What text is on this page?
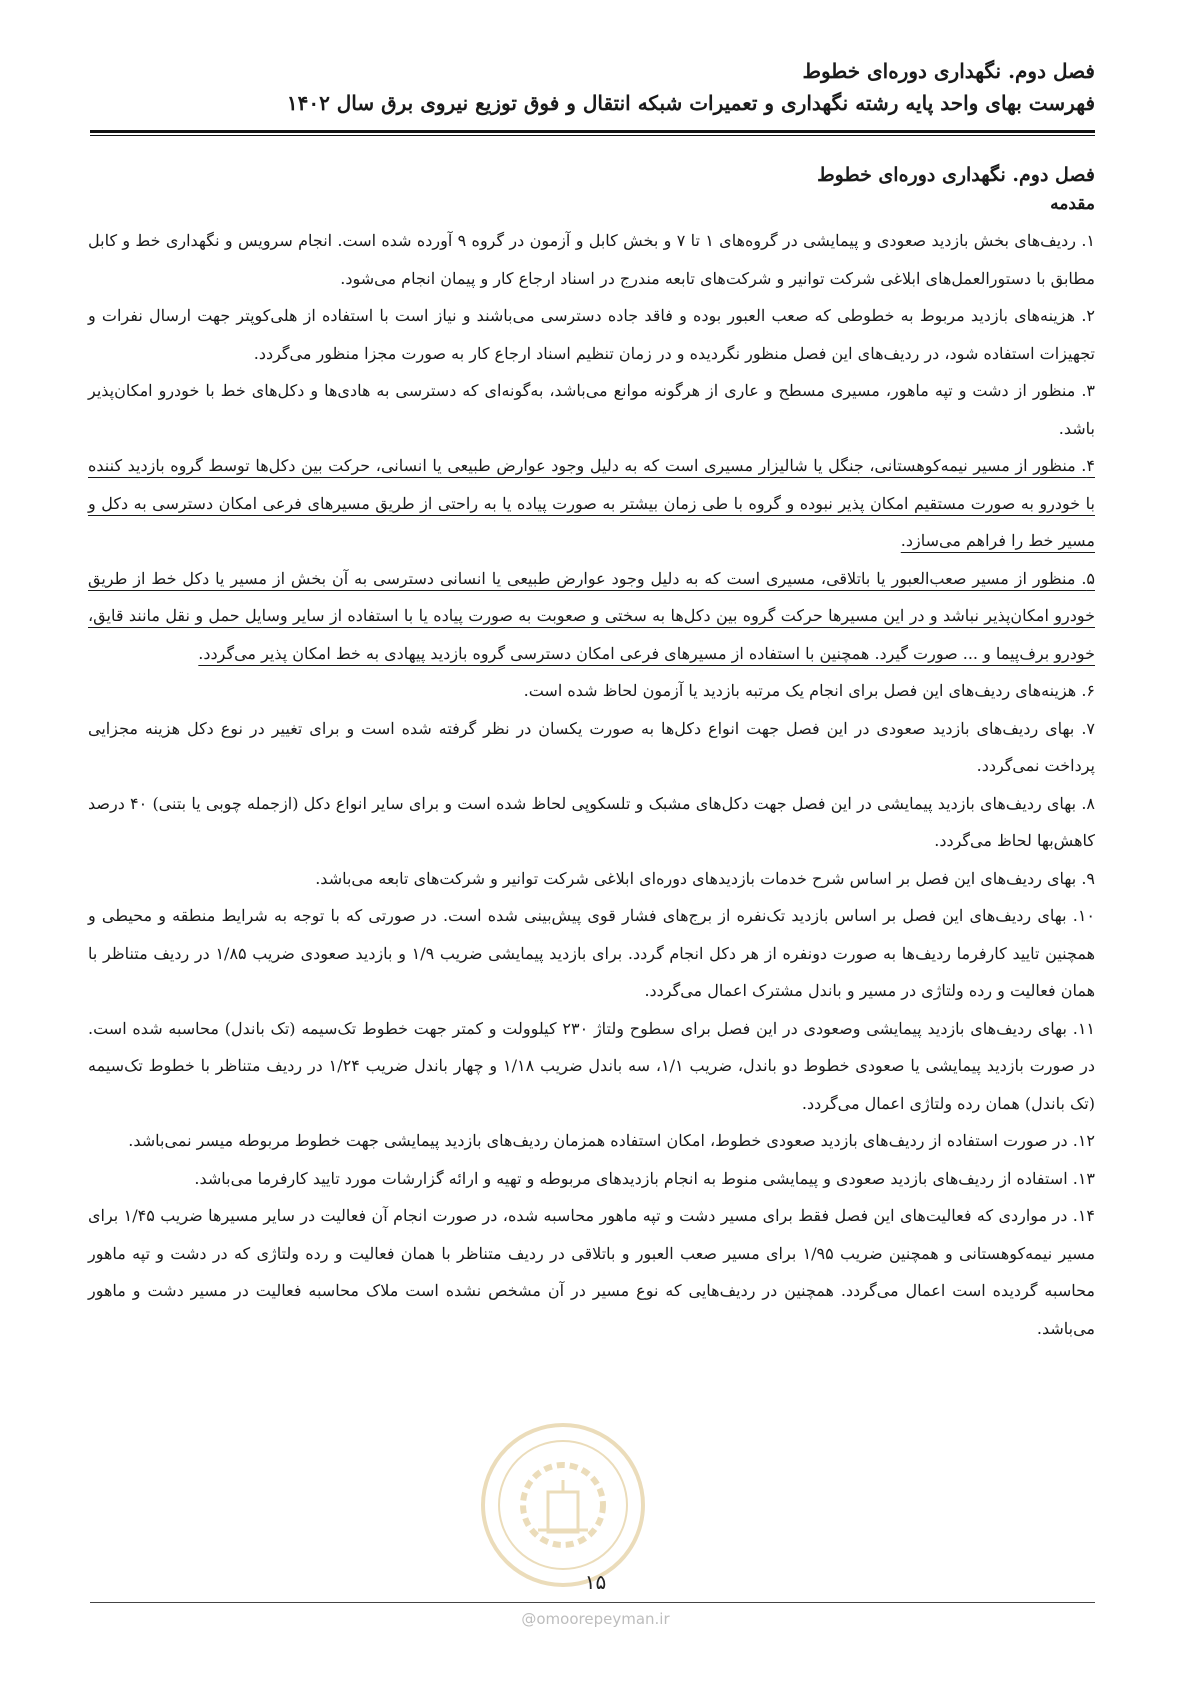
فصل دوم. نگهداری دوره‌ای خطوط
فهرست بهای واحد پایه رشته نگهداری و تعمیرات شبکه انتقال و فوق توزیع نیروی برق سال ۱۴۰۲
فصل دوم. نگهداری دوره‌ای خطوط
مقدمه

۱. ردیف‌های بخش بازدید صعودی و پیمایشی در گروه‌های ۱ تا ۷ و بخش کابل و آزمون در گروه ۹ آورده شده است. انجام سرویس و نگهداری خط و کابل مطابق با دستورالعمل‌های ابلاغی شرکت توانیر و شرکت‌های تابعه مندرج در اسناد ارجاع کار و پیمان انجام می‌شود.

۲. هزینه‌های بازدید مربوط به خطوطی که صعب العبور بوده و فاقد جاده دسترسی می‌باشند و نیاز است با استفاده از هلی‌کوپتر جهت ارسال نفرات و تجهیزات استفاده شود، در ردیف‌های این فصل منظور نگردیده و در زمان تنظیم اسناد ارجاع کار به صورت مجزا منظور می‌گردد.

۳. منظور از دشت و تپه ماهور، مسیری مسطح و عاری از هرگونه موانع می‌باشد، به‌گونه‌ای که دسترسی به هادی‌ها و دکل‌های خط با خودرو امکان‌پذیر باشد.

۴. منظور از مسیر نیمه‌کوهستانی، جنگل یا شالیزار مسیری است که به دلیل وجود عوارض طبیعی یا انسانی، حرکت بین دکل‌ها توسط گروه بازدید کننده با خودرو به صورت مستقیم امکان پذیر نبوده و گروه با طی زمان بیشتر به صورت پیاده یا به راحتی از طریق مسیرهای فرعی امکان دسترسی به دکل و مسیر خط را فراهم می‌سازد.

۵. منظور از مسیر صعب‌العبور یا باتلاقی، مسیری است که به دلیل وجود عوارض طبیعی یا انسانی دسترسی به آن بخش از مسیر یا دکل خط از طریق خودرو امکان‌پذیر نباشد و در این مسیرها حرکت گروه بین دکل‌ها به سختی و صعوبت به صورت پیاده یا با استفاده از سایر وسایل حمل و نقل مانند قایق، خودرو برف‌پیما و ... صورت گیرد. همچنین با استفاده از مسیرهای فرعی امکان دسترسی گروه بازدید پیهادی به خط امکان پذیر می‌گردد.

۶. هزینه‌های ردیف‌های این فصل برای انجام یک مرتبه بازدید یا آزمون لحاظ شده است.

۷. بهای ردیف‌های بازدید صعودی در این فصل جهت انواع دکل‌ها به صورت یکسان در نظر گرفته شده است و برای تغییر در نوع دکل هزینه مجزایی پرداخت نمی‌گردد.

۸. بهای ردیف‌های بازدید پیمایشی در این فصل جهت دکل‌های مشبک و تلسکوپی لحاظ شده است و برای سایر انواع دکل (ازجمله چوبی یا بتنی) ۴۰ درصد کاهش‌بها لحاظ می‌گردد.

۹. بهای ردیف‌های این فصل بر اساس شرح خدمات بازدیدهای دوره‌ای ابلاغی شرکت توانیر و شرکت‌های تابعه می‌باشد.

۱۰. بهای ردیف‌های این فصل بر اساس بازدید تک‌نفره از برج‌های فشار قوی پیش‌بینی شده است. در صورتی که با توجه به شرایط منطقه و محیطی و همچنین تایید کارفرما ردیف‌ها به صورت دونفره از هر دکل انجام گردد. برای بازدید پیمایشی ضریب ۱/۹ و بازدید صعودی ضریب ۱/۸۵ در ردیف متناظر با همان فعالیت و رده ولتاژی در مسیر و باندل مشترک اعمال می‌گردد.

۱۱. بهای ردیف‌های بازدید پیمایشی وصعودی در این فصل برای سطوح ولتاژ ۲۳۰ کیلوولت و کمتر جهت خطوط تک‌سیمه (تک باندل) محاسبه شده است. در صورت بازدید پیمایشی یا صعودی خطوط دو باندل، ضریب ۱/۱، سه باندل ضریب ۱/۱۸ و چهار باندل ضریب ۱/۲۴ در ردیف متناظر با خطوط تک‌سیمه (تک باندل) همان رده ولتاژی اعمال می‌گردد.

۱۲. در صورت استفاده از ردیف‌های بازدید صعودی خطوط، امکان استفاده همزمان ردیف‌های بازدید پیمایشی جهت خطوط مربوطه میسر نمی‌باشد.

۱۳. استفاده از ردیف‌های بازدید صعودی و پیمایشی منوط به انجام بازدیدهای مربوطه و تهیه و ارائه گزارشات مورد تایید کارفرما می‌باشد.

۱۴. در مواردی که فعالیت‌های این فصل فقط برای مسیر دشت و تپه ماهور محاسبه شده، در صورت انجام آن فعالیت در سایر مسیرها ضریب ۱/۴۵ برای مسیر نیمه‌کوهستانی و همچنین ضریب ۱/۹۵ برای مسیر صعب العبور و باتلاقی در ردیف متناظر با همان فعالیت و رده ولتاژی که در دشت و تپه ماهور محاسبه گردیده است اعمال می‌گردد. همچنین در ردیف‌هایی که نوع مسیر در آن مشخص نشده است ملاک محاسبه فعالیت در مسیر دشت و ماهور می‌باشد.

۱۵
@omoorepeyman.ir
